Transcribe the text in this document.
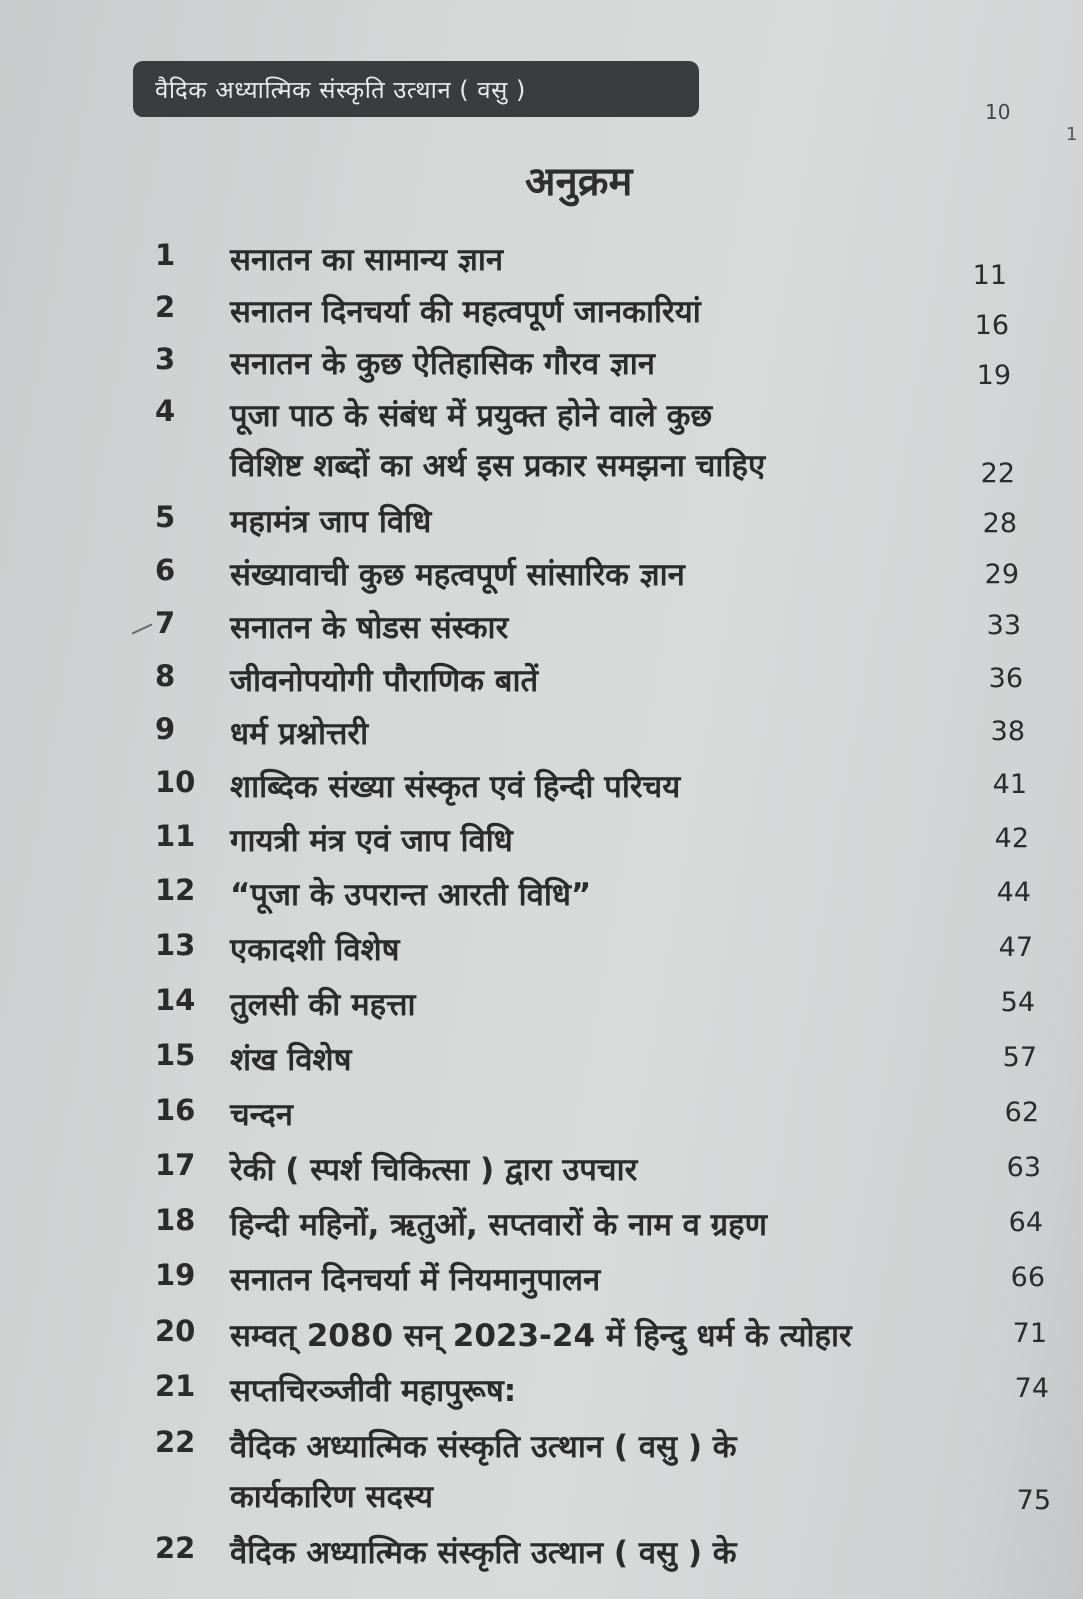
वैदिक अध्यात्मिक संस्कृति उत्थान ( वसु )
10
1
अनुक्रम
1	सनातन का सामान्य ज्ञान	11
2	सनातन दिनचर्या की महत्वपूर्ण जानकारियां	16
3	सनातन के कुछ ऐतिहासिक गौरव ज्ञान	19
4	पूजा पाठ के संबंध में प्रयुक्त होने वाले कुछ
विशिष्ट शब्दों का अर्थ इस प्रकार समझना चाहिए	22
5	महामंत्र जाप विधि	28
6	संख्यावाची कुछ महत्वपूर्ण सांसारिक ज्ञान	29
7	सनातन के षोडस संस्कार	33
8	जीवनोपयोगी पौराणिक बातें	36
9	धर्म प्रश्नोत्तरी	38
10	शाब्दिक संख्या संस्कृत एवं हिन्दी परिचय	41
11	गायत्री मंत्र एवं जाप विधि	42
12	“पूजा के उपरान्त आरती विधि”	44
13	एकादशी विशेष	47
14	तुलसी की महत्ता	54
15	शंख विशेष	57
16	चन्दन	62
17	रेकी ( स्पर्श चिकित्सा ) द्वारा उपचार	63
18	हिन्दी महिनों, ऋतुओं, सप्तवारों के नाम व ग्रहण	64
19	सनातन दिनचर्या में नियमानुपालन	66
20	सम्वत् 2080 सन् 2023-24 में हिन्दु धर्म के त्योहार	71
21	सप्तचिरञ्जीवी महापुरूष:	74
22	वैदिक अध्यात्मिक संस्कृति उत्थान ( वसु ) के
कार्यकारिण सदस्य	75
22	वैदिक अध्यात्मिक संस्कृति उत्थान ( वसु ) के
